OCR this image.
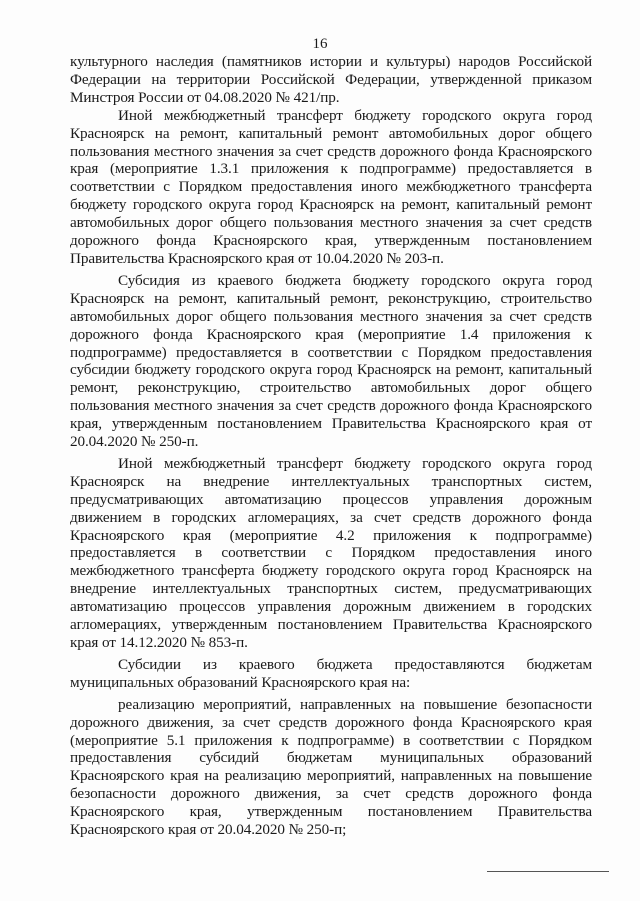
16

культурного наследия (памятников истории и культуры) народов Российской Федерации на территории Российской Федерации, утвержденной приказом Минстроя России от 04.08.2020 № 421/пр.

Иной межбюджетный трансферт бюджету городского округа город Красноярск на ремонт, капитальный ремонт автомобильных дорог общего пользования местного значения за счет средств дорожного фонда Красноярского края (мероприятие 1.3.1 приложения к подпрограмме) предоставляется в соответствии с Порядком предоставления иного межбюджетного трансферта бюджету городского округа город Красноярск на ремонт, капитальный ремонт автомобильных дорог общего пользования местного значения за счет средств дорожного фонда Красноярского края, утвержденным постановлением Правительства Красноярского края от 10.04.2020 № 203-п.

Субсидия из краевого бюджета бюджету городского округа город Красноярск на ремонт, капитальный ремонт, реконструкцию, строительство автомобильных дорог общего пользования местного значения за счет средств дорожного фонда Красноярского края (мероприятие 1.4 приложения к подпрограмме) предоставляется в соответствии с Порядком предоставления субсидии бюджету городского округа город Красноярск на ремонт, капитальный ремонт, реконструкцию, строительство автомобильных дорог общего пользования местного значения за счет средств дорожного фонда Красноярского края, утвержденным постановлением Правительства Красноярского края от 20.04.2020 № 250-п.

Иной межбюджетный трансферт бюджету городского округа город Красноярск на внедрение интеллектуальных транспортных систем, предусматривающих автоматизацию процессов управления дорожным движением в городских агломерациях, за счет средств дорожного фонда Красноярского края (мероприятие 4.2 приложения к подпрограмме) предоставляется в соответствии с Порядком предоставления иного межбюджетного трансферта бюджету городского округа город Красноярск на внедрение интеллектуальных транспортных систем, предусматривающих автоматизацию процессов управления дорожным движением в городских агломерациях, утвержденным постановлением Правительства Красноярского края от 14.12.2020 № 853-п.

Субсидии из краевого бюджета предоставляются бюджетам муниципальных образований Красноярского края на:

реализацию мероприятий, направленных на повышение безопасности дорожного движения, за счет средств дорожного фонда Красноярского края (мероприятие 5.1 приложения к подпрограмме) в соответствии с Порядком предоставления субсидий бюджетам муниципальных образований Красноярского края на реализацию мероприятий, направленных на повышение безопасности дорожного движения, за счет средств дорожного фонда Красноярского края, утвержденным постановлением Правительства Красноярского края от 20.04.2020 № 250-п;
